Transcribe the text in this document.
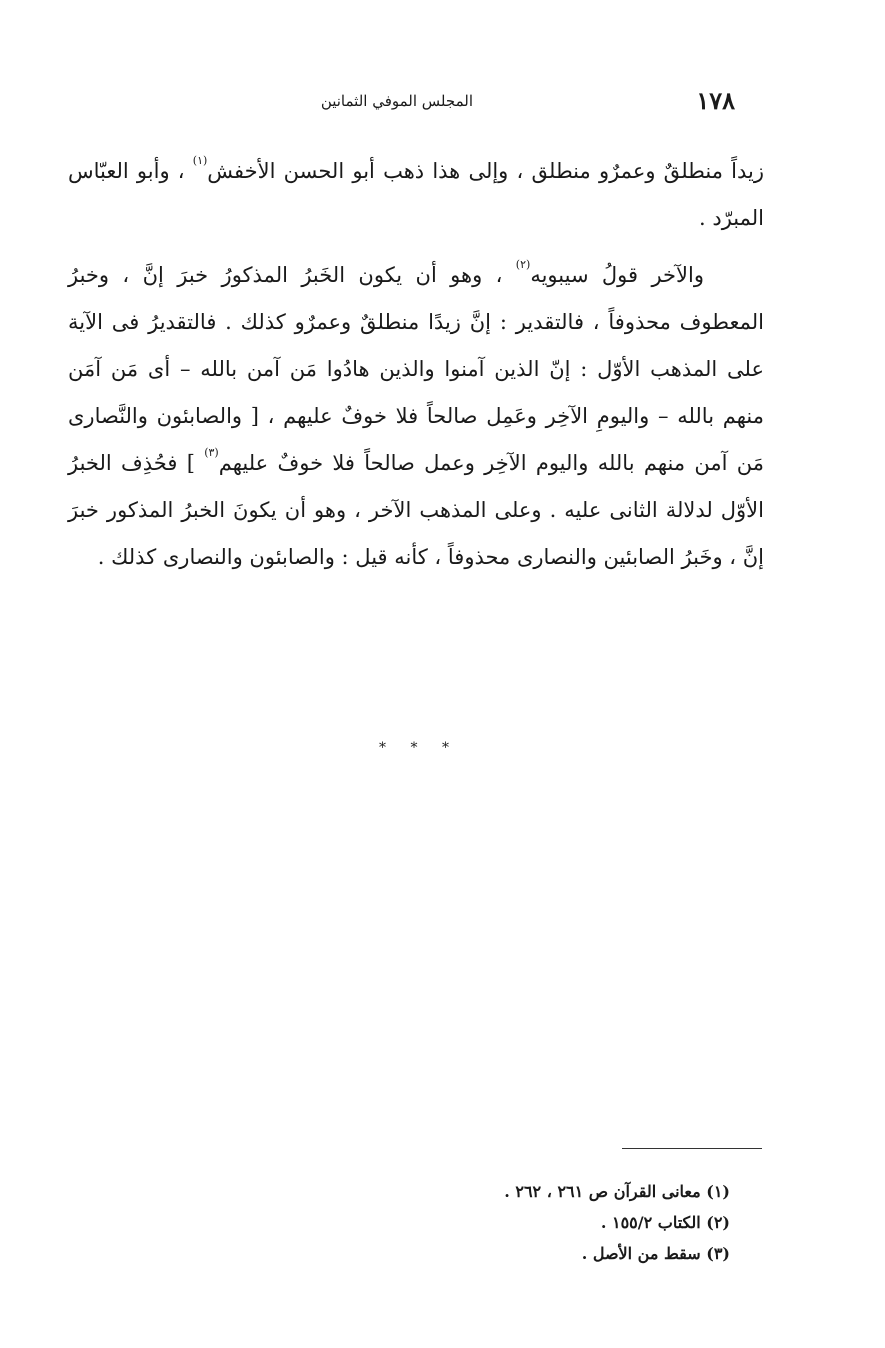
١٧٨
المجلس الموفي الثمانين

زيداً منطلقٌ وعمرٌو منطلق ، وإلى هذا ذهب أبو الحسن الأخفش$^{(١)}$ ، وأبو العبّاس المبرّد .

والآخر قولُ سيبويه$^{(٢)}$ ، وهو أن يكون الخَبرُ المذكورُ خبرَ إنَّ ، وخبرُ المعطوف محذوفاً ، فالتقدير : إنَّ زيدًا منطلقٌ وعمرٌو كذلك . فالتقديرُ فى الآية على المذهب الأوّل : إنّ الذين آمنوا والذين هادُوا مَن آمن بالله – أى مَن آمَن منهم بالله – واليومِ الآخِر وعَمِل صالحاً فلا خوفٌ عليهم ، [ والصابئون والنَّصارى مَن آمن منهم بالله واليوم الآخِر وعمل صالحاً فلا خوفٌ عليهم$^{(٣)}$ ] فحُذِف الخبرُ الأوّل لدلالة الثانى عليه . وعلى المذهب الآخر ، وهو أن يكونَ الخبرُ المذكور خبرَ إنَّ ، وخَبرُ الصابئين والنصارى محذوفاً ، كأنه قيل : والصابئون والنصارى كذلك .

* * *
(١) معانى القرآن ص ٢٦١ ، ٢٦٢ .
(٢) الكتاب ١٥٥/٢ .
(٣) سقط من الأصل .
